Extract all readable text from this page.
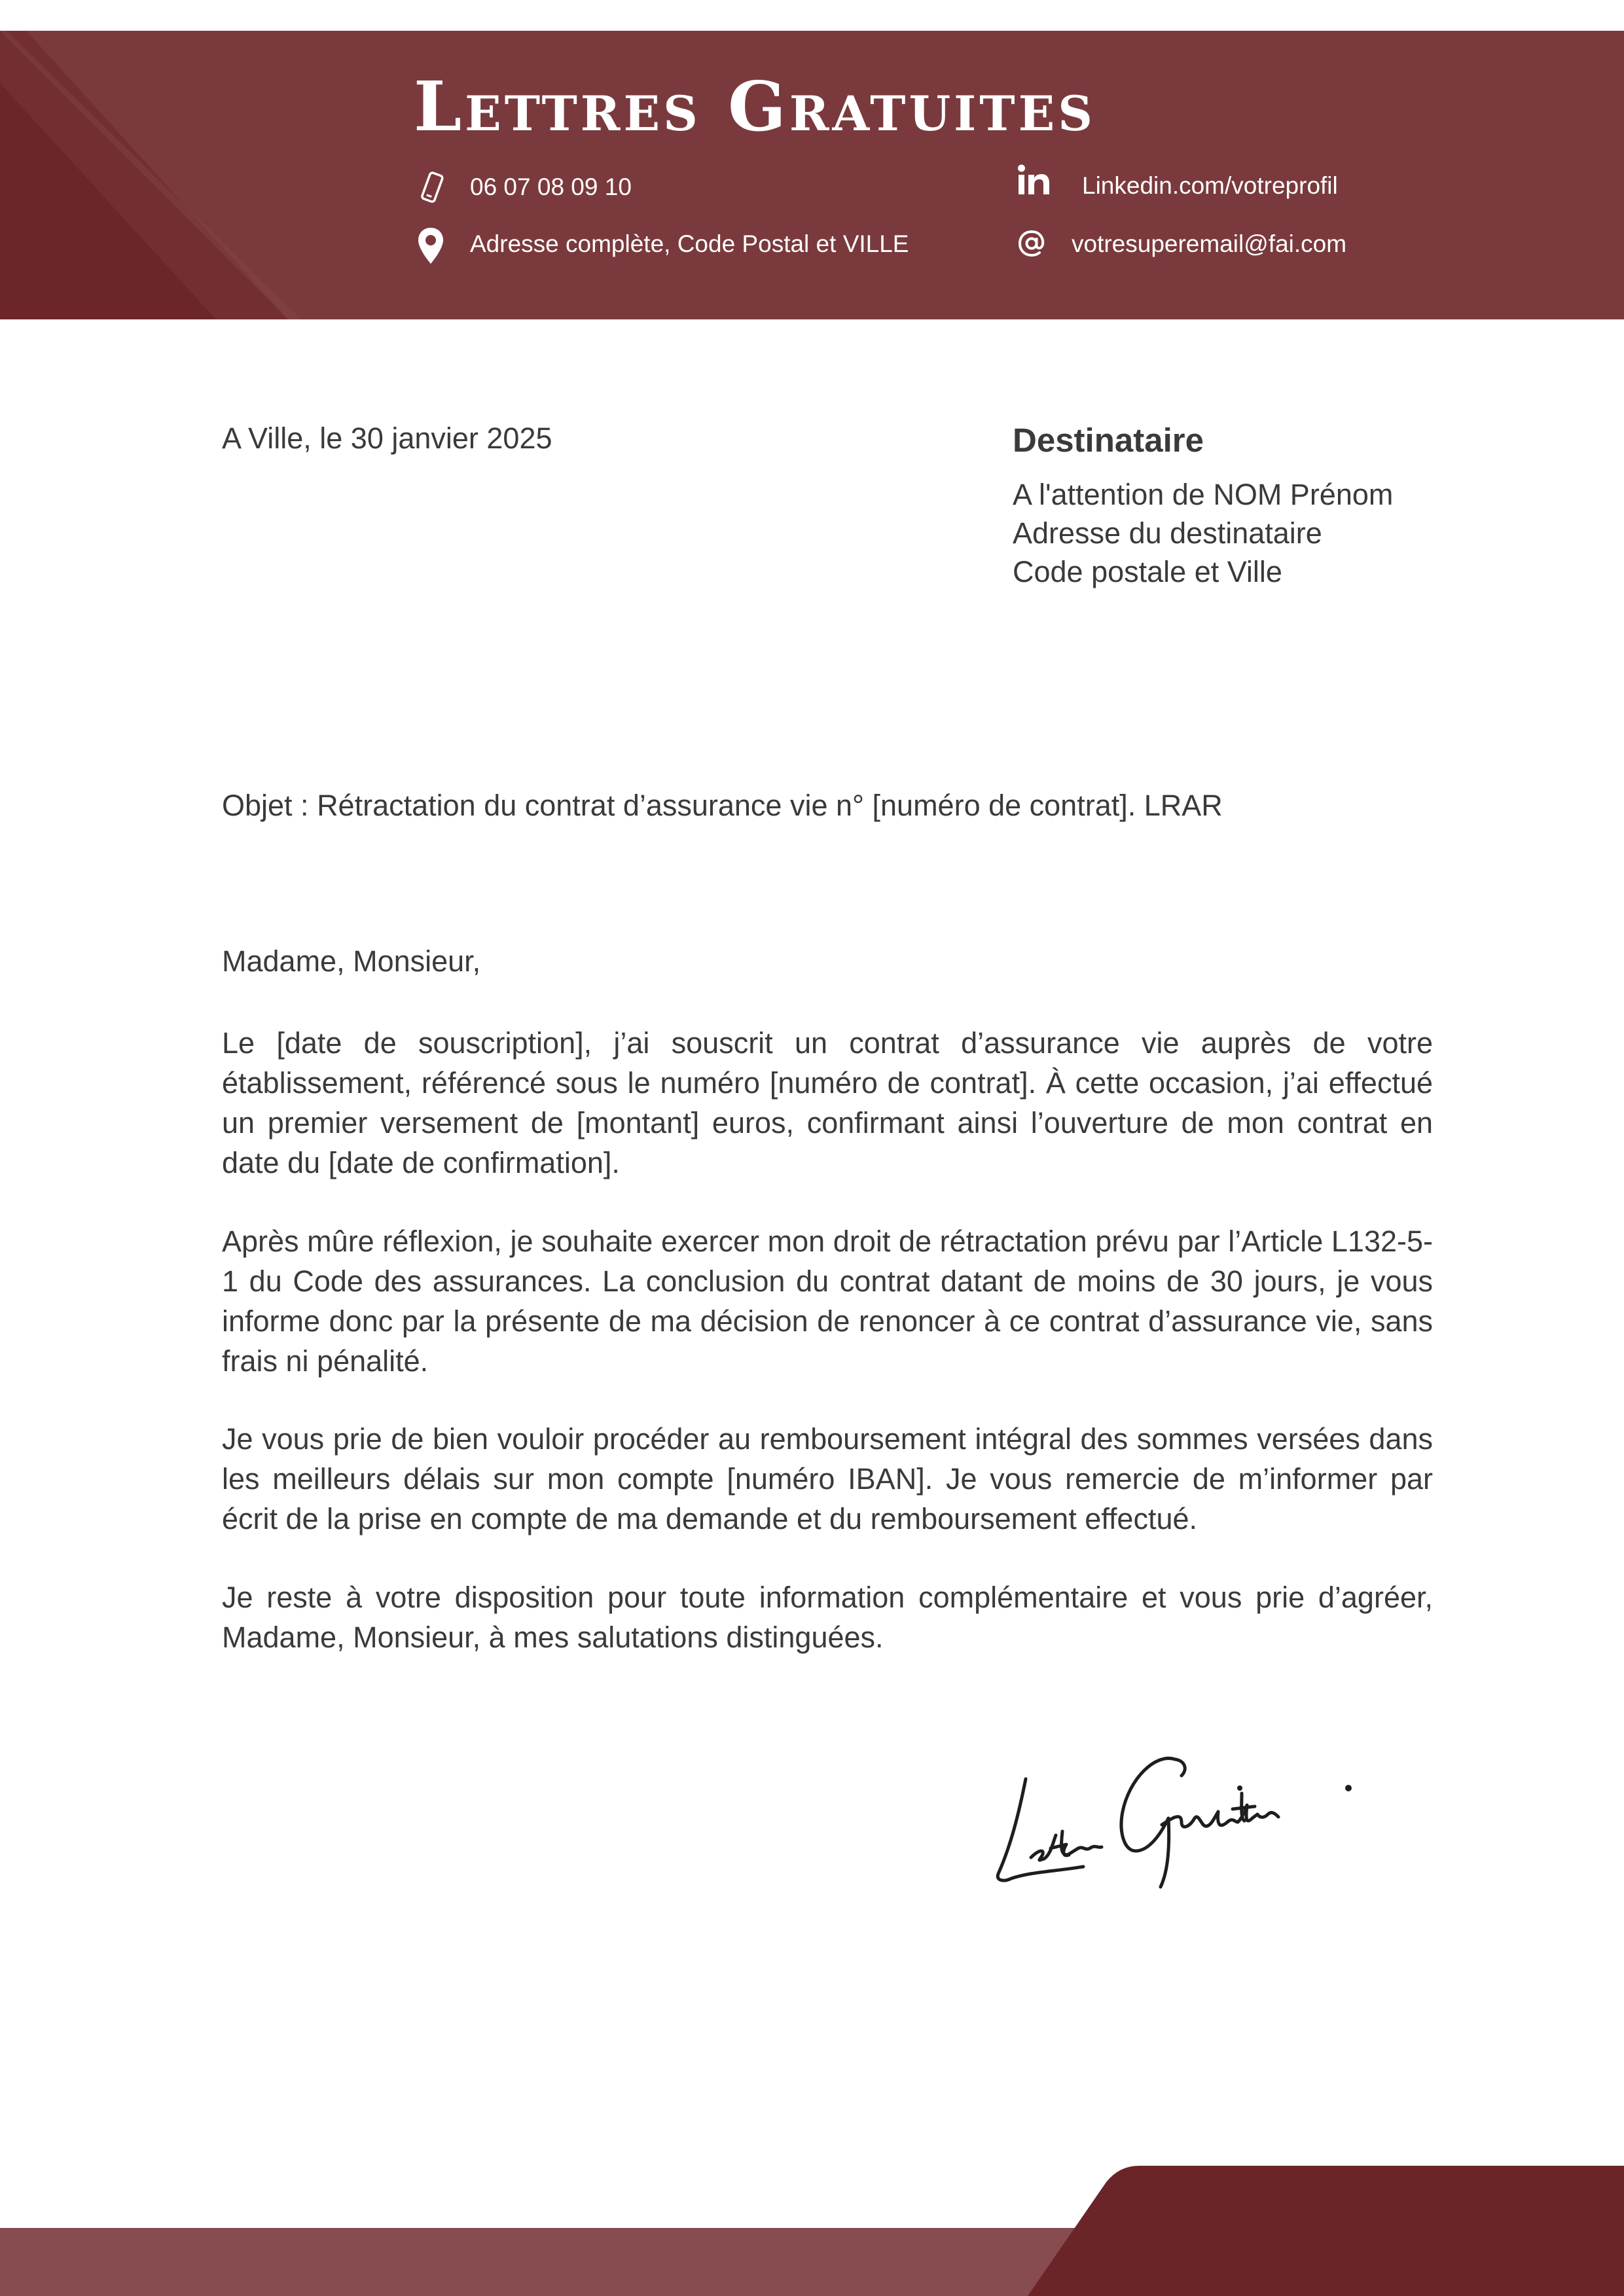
Lettres Gratuites
06 07 08 09 10
Adresse complète, Code Postal et VILLE
Linkedin.com/votreprofil
votresuperemail@fai.com
A Ville, le 30 janvier 2025	Destinataire
A l'attention de NOM Prénom
Adresse du destinataire
Code postale et Ville
Objet : Rétractation du contrat d’assurance vie n° [numéro de contrat]. LRAR
Madame, Monsieur,

Le [date de souscription], j’ai souscrit un contrat d’assurance vie auprès de votre établissement, référencé sous le numéro [numéro de contrat]. À cette occasion, j’ai effectué un premier versement de [montant] euros, confirmant ainsi l’ouverture de mon contrat en date du [date de confirmation].

Après mûre réflexion, je souhaite exercer mon droit de rétractation prévu par l’Article L132-5-1 du Code des assurances. La conclusion du contrat datant de moins de 30 jours, je vous informe donc par la présente de ma décision de renoncer à ce contrat d’assurance vie, sans frais ni pénalité.

Je vous prie de bien vouloir procéder au remboursement intégral des sommes versées dans les meilleurs délais sur mon compte [numéro IBAN]. Je vous remercie de m’informer par écrit de la prise en compte de ma demande et du remboursement effectué.

Je reste à votre disposition pour toute information complémentaire et vous prie d’agréer, Madame, Monsieur, à mes salutations distinguées.
